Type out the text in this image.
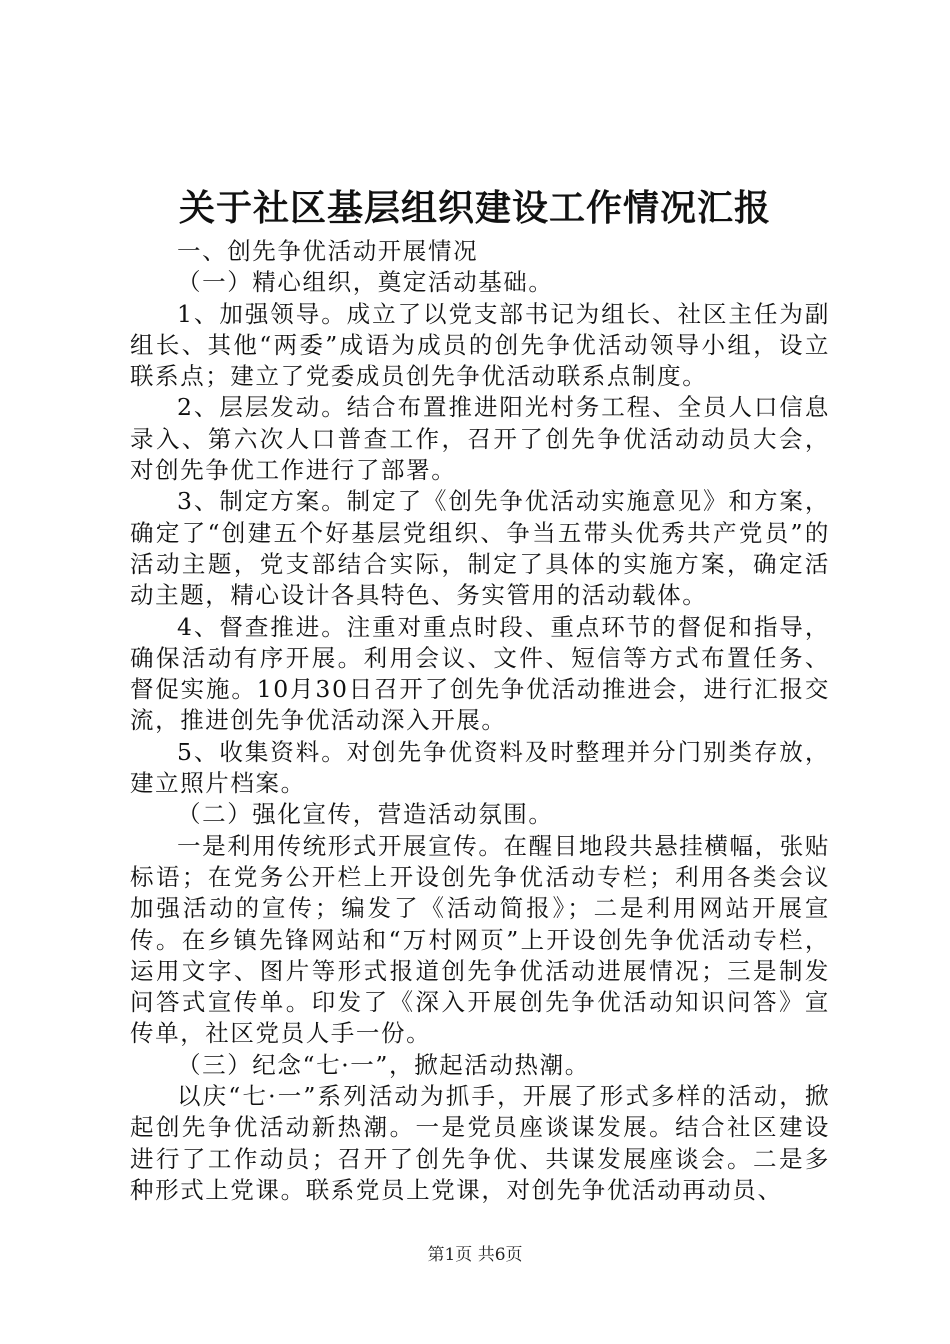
关于社区基层组织建设工作情况汇报

一、创先争优活动开展情况

（一）精心组织，奠定活动基础。

1、加强领导。成立了以党支部书记为组长、社区主任为副组长、其他“两委”成语为成员的创先争优活动领导小组，设立联系点；建立了党委成员创先争优活动联系点制度。

2、层层发动。结合布置推进阳光村务工程、全员人口信息录入、第六次人口普查工作，召开了创先争优活动动员大会，对创先争优工作进行了部署。

3、制定方案。制定了《创先争优活动实施意见》和方案，确定了“创建五个好基层党组织、争当五带头优秀共产党员”的活动主题，党支部结合实际，制定了具体的实施方案，确定活动主题，精心设计各具特色、务实管用的活动载体。

4、督查推进。注重对重点时段、重点环节的督促和指导，确保活动有序开展。利用会议、文件、短信等方式布置任务、督促实施。10月30日召开了创先争优活动推进会，进行汇报交流，推进创先争优活动深入开展。

5、收集资料。对创先争优资料及时整理并分门别类存放，建立照片档案。

（二）强化宣传，营造活动氛围。

一是利用传统形式开展宣传。在醒目地段共悬挂横幅，张贴标语；在党务公开栏上开设创先争优活动专栏；利用各类会议加强活动的宣传；编发了《活动简报》；二是利用网站开展宣传。在乡镇先锋网站和“万村网页”上开设创先争优活动专栏，运用文字、图片等形式报道创先争优活动进展情况；三是制发问答式宣传单。印发了《深入开展创先争优活动知识问答》宣传单，社区党员人手一份。

（三）纪念“七·一”，掀起活动热潮。

以庆“七·一”系列活动为抓手，开展了形式多样的活动，掀起创先争优活动新热潮。一是党员座谈谋发展。结合社区建设进行了工作动员；召开了创先争优、共谋发展座谈会。二是多种形式上党课。联系党员上党课，对创先争优活动再动员、

第1页 共6页
